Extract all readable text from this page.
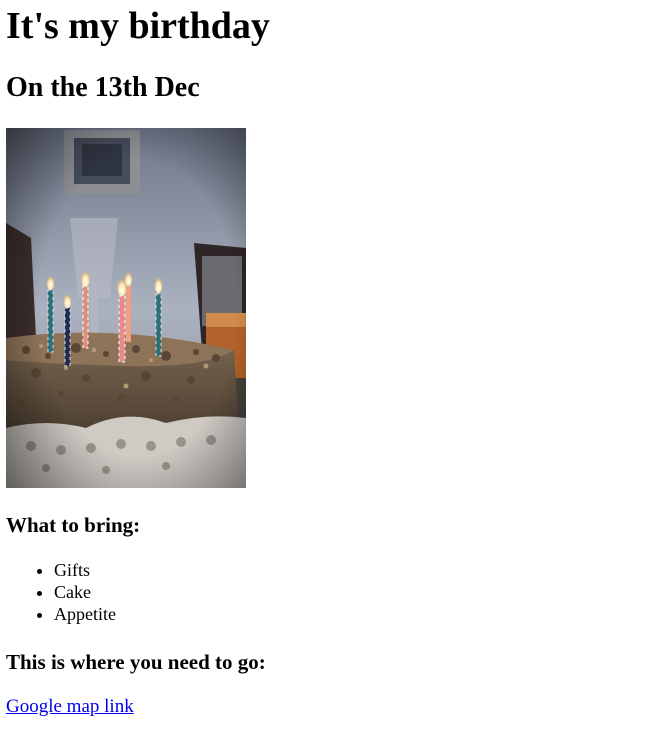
It's my birthday
On the 13th Dec
What to bring:
• Gifts
• Cake
• Appetite
This is where you need to go:
Google map link
